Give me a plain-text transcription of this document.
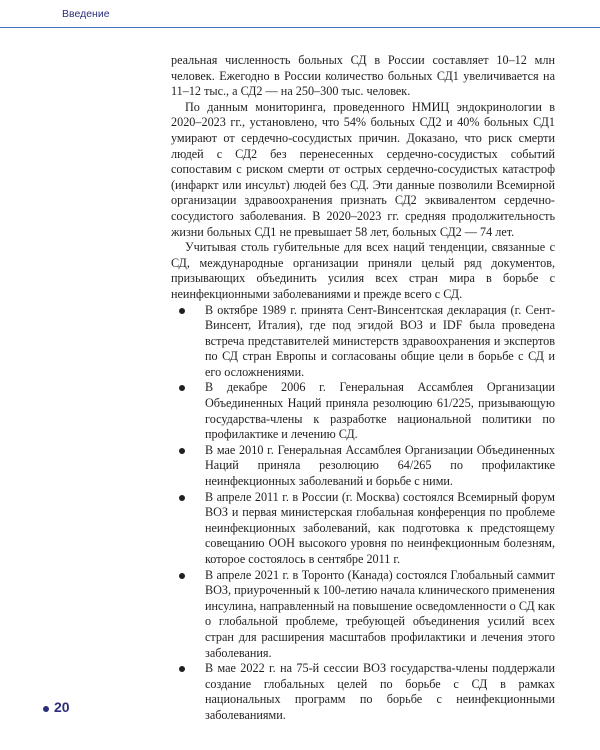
Введение

реальная численность больных СД в России составляет 10–12 млн человек. Ежегодно в России количество больных СД1 увеличивается на 11–12 тыс., а СД2 — на 250–300 тыс. человек.

По данным мониторинга, проведенного НМИЦ эндокринологии в 2020–2023 гг., установлено, что 54% больных СД2 и 40% больных СД1 умирают от сердечно-сосудистых причин. Доказано, что риск смерти людей с СД2 без перенесенных сердечно-сосудистых событий сопоставим с риском смерти от острых сердечно-сосудистых катастроф (инфаркт или инсульт) людей без СД. Эти данные позволили Всемирной организации здравоохранения признать СД2 эквивалентом сердечно-сосудистого заболевания. В 2020–2023 гг. средняя продолжительность жизни больных СД1 не превышает 58 лет, больных СД2 — 74 лет.

Учитывая столь губительные для всех наций тенденции, связанные с СД, международные организации приняли целый ряд документов, призывающих объединить усилия всех стран мира в борьбе с неинфекционными заболеваниями и прежде всего с СД.

В октябре 1989 г. принята Сент-Винсентская декларация (г. Сент-Винсент, Италия), где под эгидой ВОЗ и IDF была проведена встреча представителей министерств здравоохранения и экспертов по СД стран Европы и согласованы общие цели в борьбе с СД и его осложнениями.
В декабре 2006 г. Генеральная Ассамблея Организации Объединенных Наций приняла резолюцию 61/225, призывающую государства-члены к разработке национальной политики по профилактике и лечению СД.
В мае 2010 г. Генеральная Ассамблея Организации Объединенных Наций приняла резолюцию 64/265 по профилактике неинфекционных заболеваний и борьбе с ними.
В апреле 2011 г. в России (г. Москва) состоялся Всемирный форум ВОЗ и первая министерская глобальная конференция по проблеме неинфекционных заболеваний, как подготовка к предстоящему совещанию ООН высокого уровня по неинфекционным болезням, которое состоялось в сентябре 2011 г.
В апреле 2021 г. в Торонто (Канада) состоялся Глобальный саммит ВОЗ, приуроченный к 100-летию начала клинического применения инсулина, направленный на повышение осведомленности о СД как о глобальной проблеме, требующей объединения усилий всех стран для расширения масштабов профилактики и лечения этого заболевания.
В мае 2022 г. на 75-й сессии ВОЗ государства-члены поддержали создание глобальных целей по борьбе с СД в рамках национальных программ по борьбе с неинфекционными заболеваниями.
20
